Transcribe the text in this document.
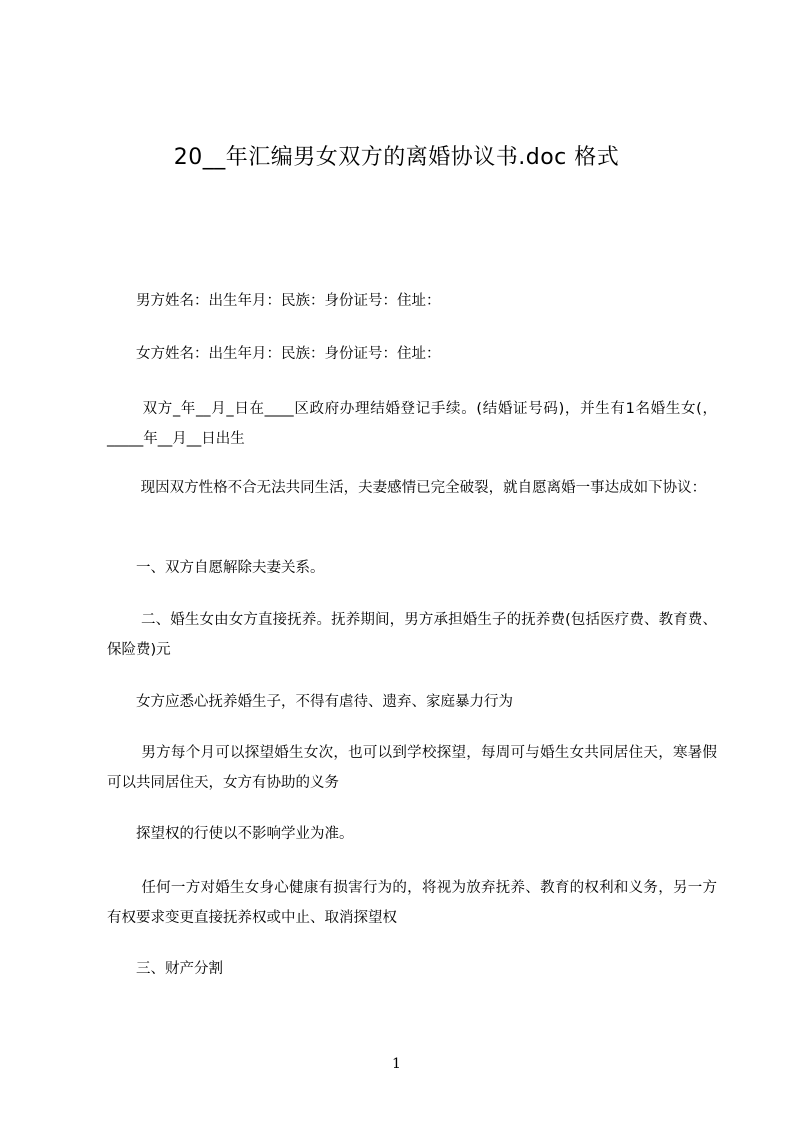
20__年汇编男女双方的离婚协议书.doc 格式
　　男方姓名：出生年月：民族：身份证号：住址：
　　女方姓名：出生年月：民族：身份证号：住址：
　　 双方_年__月_日在____区政府办理结婚登记手续。(结婚证号码)，并生有1名婚生女(，_____年__月__日出生
　　 现因双方性格不合无法共同生活，夫妻感情已完全破裂，就自愿离婚一事达成如下协议：
　　一、双方自愿解除夫妻关系。
　　 二、婚生女由女方直接抚养。抚养期间，男方承担婚生子的抚养费(包括医疗费、教育费、保险费)元
　　女方应悉心抚养婚生子，不得有虐待、遗弃、家庭暴力行为
　　 男方每个月可以探望婚生女次，也可以到学校探望，每周可与婚生女共同居住天，寒暑假可以共同居住天，女方有协助的义务
　　探望权的行使以不影响学业为准。
　　 任何一方对婚生女身心健康有损害行为的，将视为放弃抚养、教育的权利和义务，另一方有权要求变更直接抚养权或中止、取消探望权
　　三、财产分割
1
